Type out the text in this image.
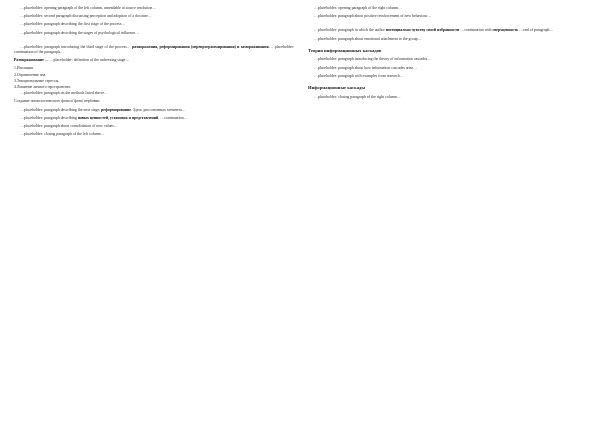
…placeholder: opening paragraph of the left column, unreadable at source resolution…

…placeholder: second paragraph discussing perception and adoption of a doctrine…

…placeholder: paragraph describing the first stage of the process…

…placeholder: paragraph describing the stages of psychological influence…

…placeholder: paragraph introducing the third stage of the process… разморожения, реформирования (перепрограммирования) и замораживания. …placeholder: continuation of the paragraph…

Размораживание — …placeholder: definition of the unfreezing stage…

1.Изоляция.

2.Ограничение сна.

3.Эмоциональные стрессы.

4.Лишение личного пространства.

…placeholder: paragraph on the methods listed above…

Создание психологического фона и 'фона' вербовки

…placeholder: paragraph describing the next stage, реформирование. Здесь два основных элемента…

…placeholder: paragraph describing новых ценностей, установок и представлений. …continuation…

…placeholder: paragraph about consolidation of new values…

…placeholder: closing paragraph of the left column…

…placeholder: opening paragraph of the right column…

…placeholder: paragraph about positive reinforcement of new behaviour…

…placeholder: paragraph in which the author потенциально чувству своей избранности …continuation with сверхценность …end of paragraph…

…placeholder: paragraph about emotional attachment to the group…

Теория информационных каскадов

…placeholder: paragraph introducing the theory of information cascades…

…placeholder: paragraph about how information cascades arise…

…placeholder: paragraph with examples from research…

Информационные каскады

…placeholder: closing paragraph of the right column…
